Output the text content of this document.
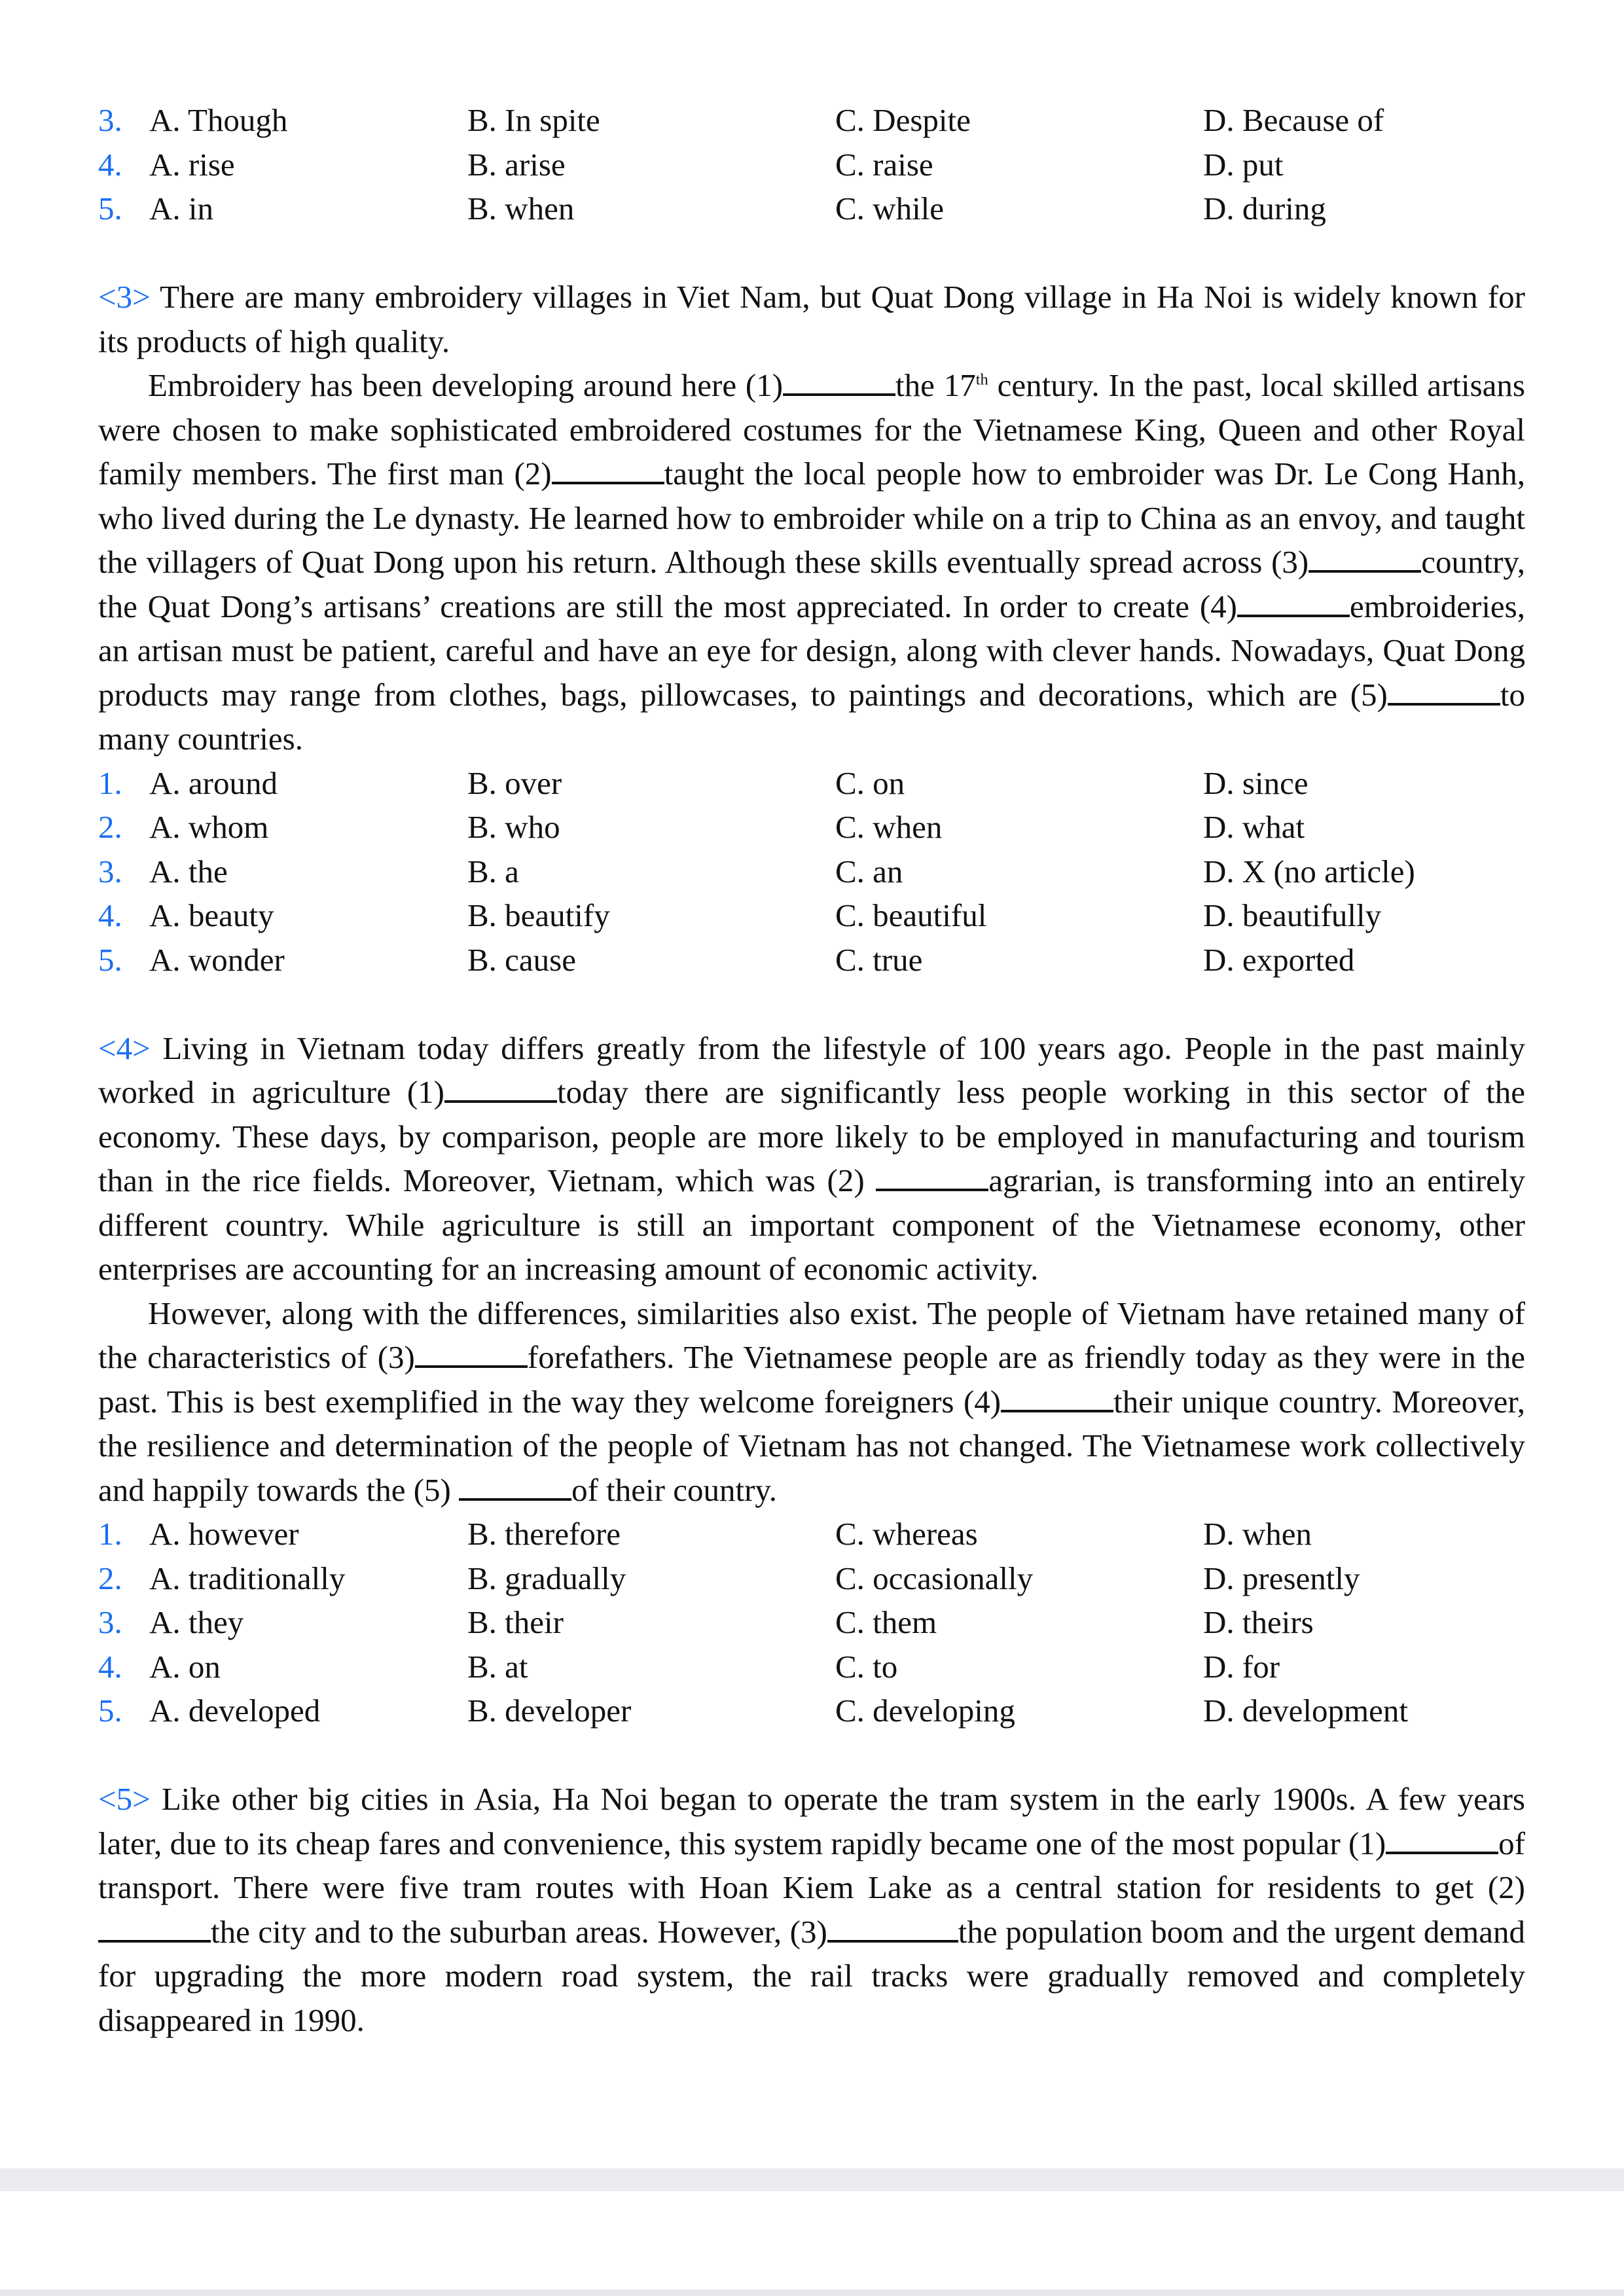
3. A. Though	B. In spite	C. Despite	D. Because of
4. A. rise	B. arise	C. raise	D. put
5. A. in	B. when	C. while	D. during

<3> There are many embroidery villages in Viet Nam, but Quat Dong village in Ha Noi is widely known for its products of high quality.

Embroidery has been developing around here (1)	the 17th century. In the past, local skilled artisans were chosen to make sophisticated embroidered costumes for the Vietnamese King, Queen and other Royal family members. The first man (2)	taught the local people how to embroider was Dr. Le Cong Hanh, who lived during the Le dynasty. He learned how to embroider while on a trip to China as an envoy, and taught the villagers of Quat Dong upon his return. Although these skills eventually spread across (3)	country, the Quat Dong’s artisans’ creations are still the most appreciated. In order to create (4)	embroideries, an artisan must be patient, careful and have an eye for design, along with clever hands. Nowadays, Quat Dong products may range from clothes, bags, pillowcases, to paintings and decorations, which are (5)	to many countries.

1. A. around	B. over	C. on	D. since
2. A. whom	B. who	C. when	D. what
3. A. the	B. a	C. an	D. X (no article)
4. A. beauty	B. beautify	C. beautiful	D. beautifully
5. A. wonder	B. cause	C. true	D. exported

<4> Living in Vietnam today differs greatly from the lifestyle of 100 years ago. People in the past mainly worked in agriculture (1)	today there are significantly less people working in this sector of the economy. These days, by comparison, people are more likely to be employed in manufacturing and tourism than in the rice fields. Moreover, Vietnam, which was (2)	agrarian, is transforming into an entirely different country. While agriculture is still an important component of the Vietnamese economy, other enterprises are accounting for an increasing amount of economic activity.

However, along with the differences, similarities also exist. The people of Vietnam have retained many of the characteristics of (3)	forefathers. The Vietnamese people are as friendly today as they were in the past. This is best exemplified in the way they welcome foreigners (4)	their unique country. Moreover, the resilience and determination of the people of Vietnam has not changed. The Vietnamese work collectively and happily towards the (5)	of their country.

1. A. however	B. therefore	C. whereas	D. when
2. A. traditionally	B. gradually	C. occasionally	D. presently
3. A. they	B. their	C. them	D. theirs
4. A. on	B. at	C. to	D. for
5. A. developed	B. developer	C. developing	D. development

<5> Like other big cities in Asia, Ha Noi began to operate the tram system in the early 1900s. A few years later, due to its cheap fares and convenience, this system rapidly became one of the most popular (1)	of transport. There were five tram routes with Hoan Kiem Lake as a central station for residents to get (2)the city and to the suburban areas. However, (3)	the population boom and the urgent demand for upgrading the more modern road system, the rail tracks were gradually removed and completely disappeared in 1990.
